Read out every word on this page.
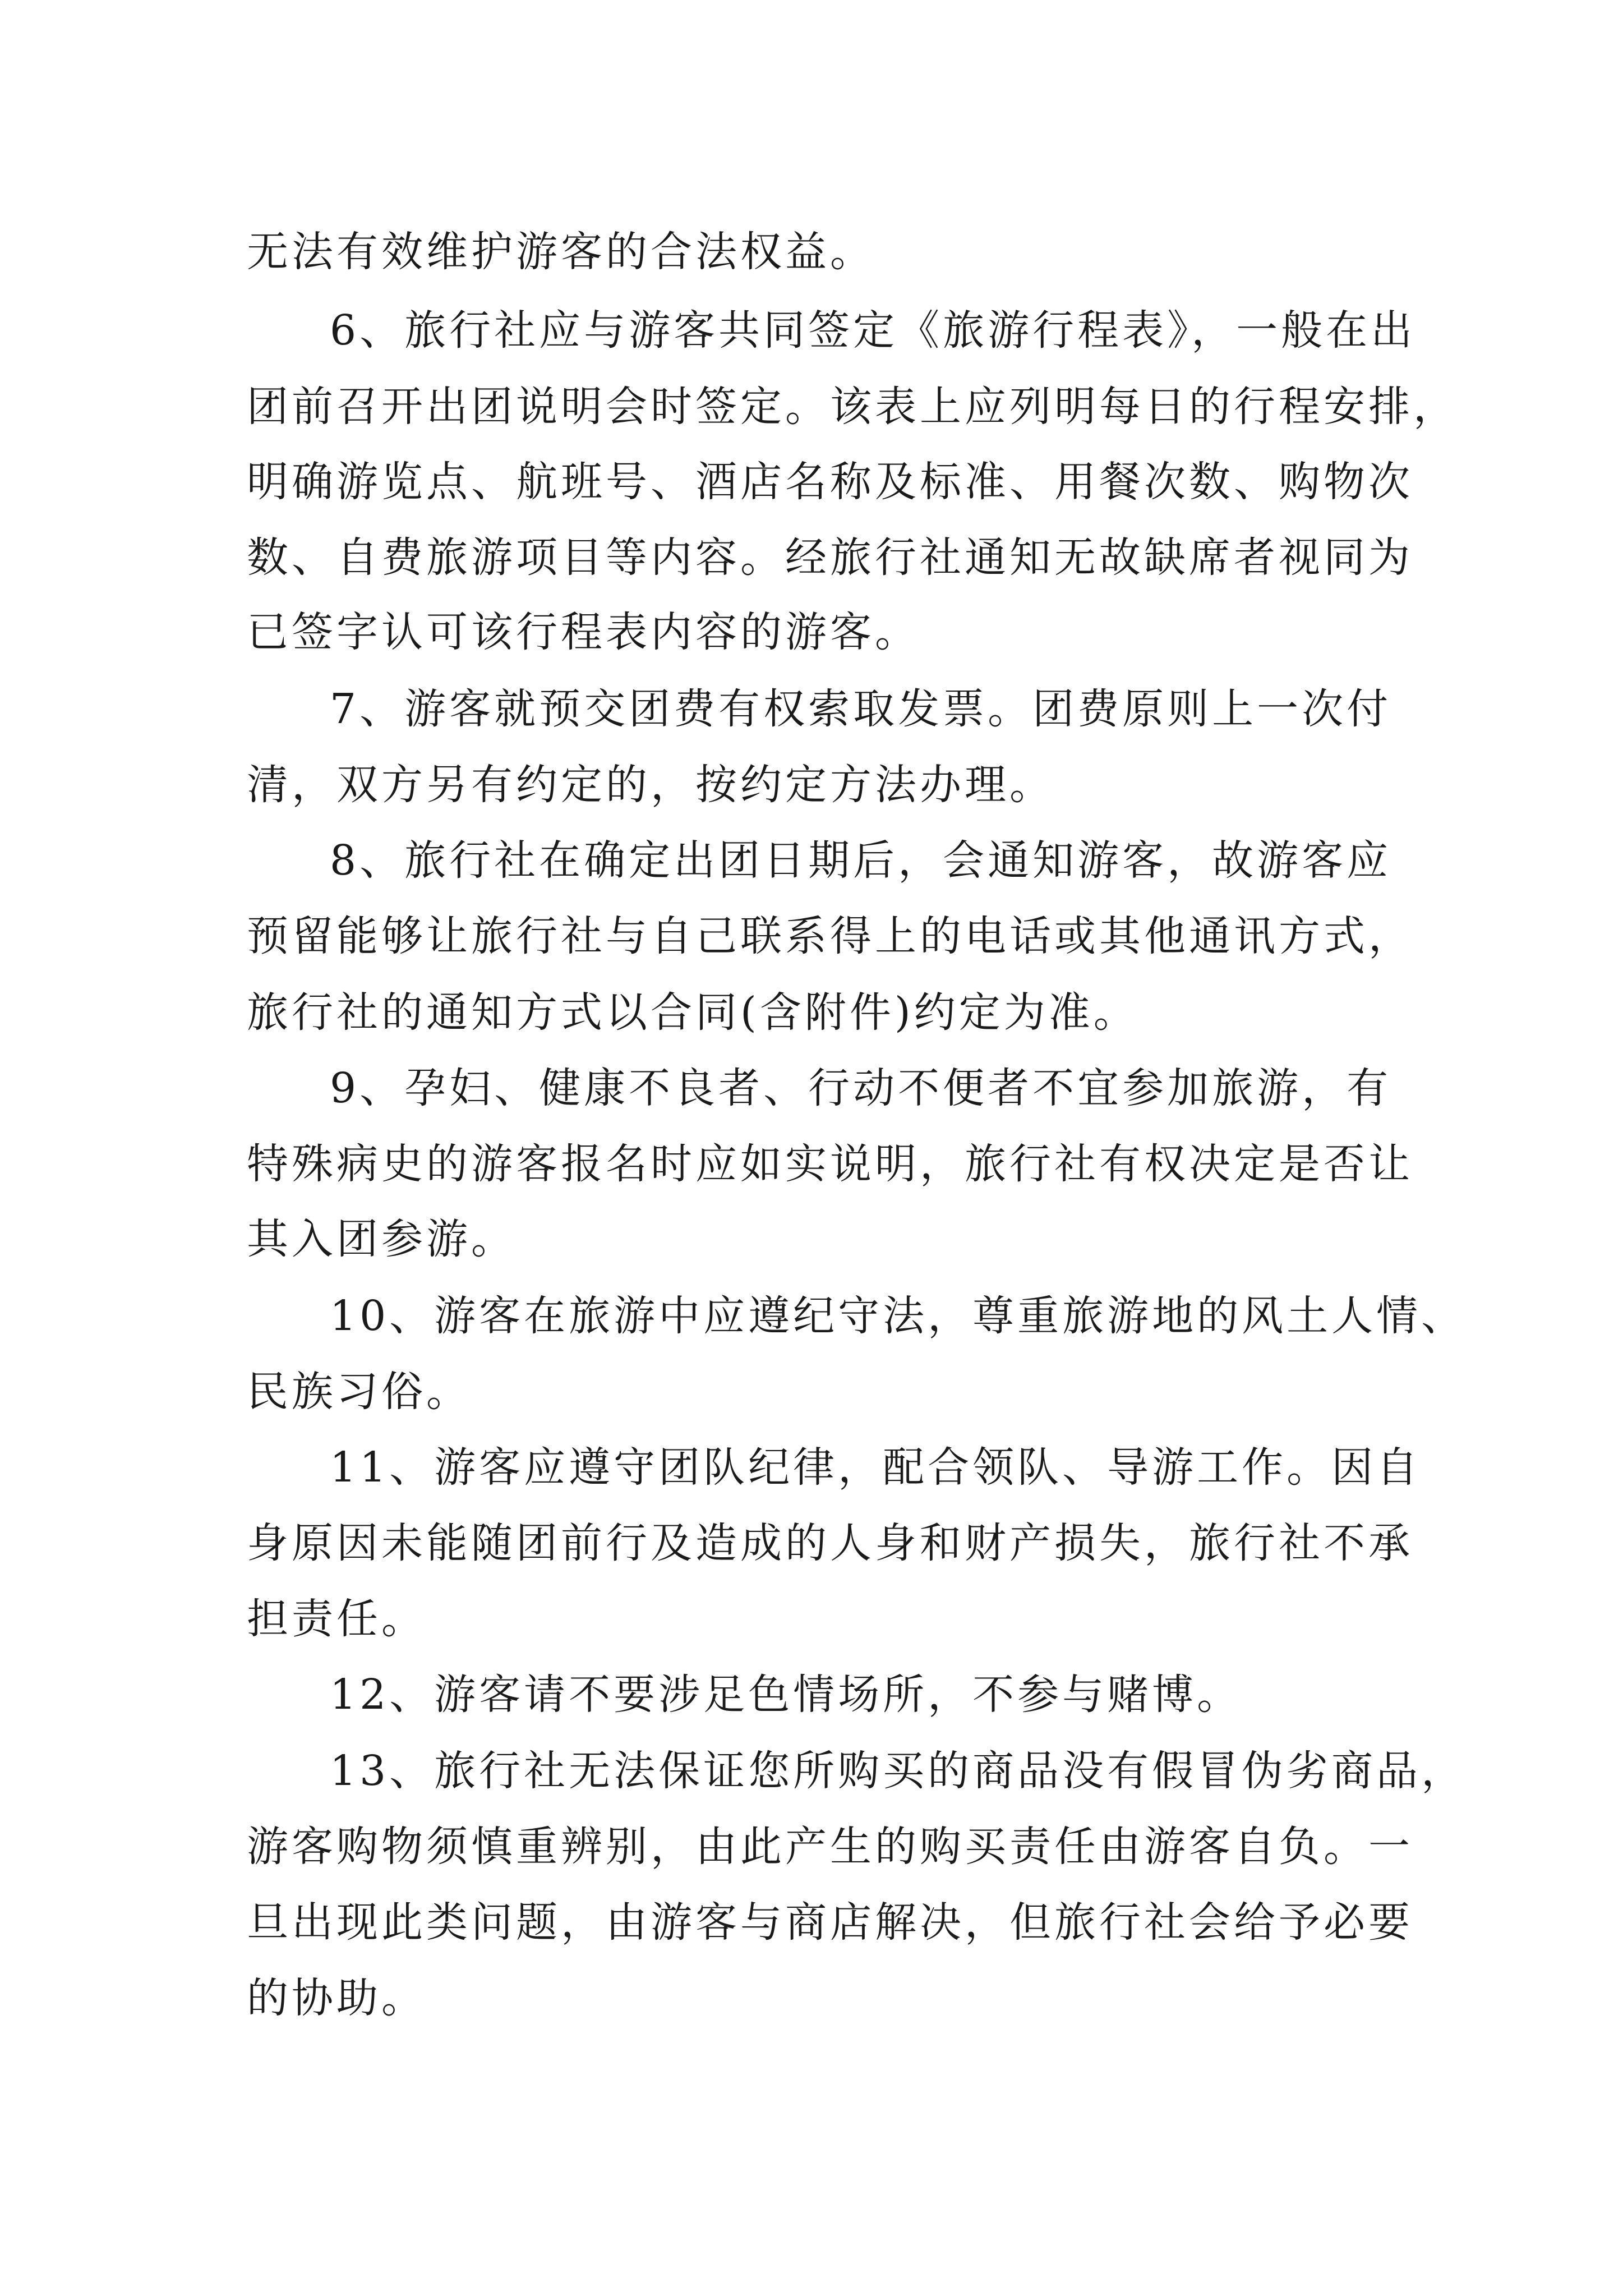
无法有效维护游客的合法权益。
6、旅行社应与游客共同签定《旅游行程表》，一般在出
团前召开出团说明会时签定。该表上应列明每日的行程安排，
明确游览点、航班号、酒店名称及标准、用餐次数、购物次
数、自费旅游项目等内容。经旅行社通知无故缺席者视同为
已签字认可该行程表内容的游客。
7、游客就预交团费有权索取发票。团费原则上一次付
清，双方另有约定的，按约定方法办理。
8、旅行社在确定出团日期后，会通知游客，故游客应
预留能够让旅行社与自己联系得上的电话或其他通讯方式，
旅行社的通知方式以合同(含附件)约定为准。
9、孕妇、健康不良者、行动不便者不宜参加旅游，有
特殊病史的游客报名时应如实说明，旅行社有权决定是否让
其入团参游。
10、游客在旅游中应遵纪守法，尊重旅游地的风土人情、
民族习俗。
11、游客应遵守团队纪律，配合领队、导游工作。因自
身原因未能随团前行及造成的人身和财产损失，旅行社不承
担责任。
12、游客请不要涉足色情场所，不参与赌博。
13、旅行社无法保证您所购买的商品没有假冒伪劣商品，
游客购物须慎重辨别，由此产生的购买责任由游客自负。一
旦出现此类问题，由游客与商店解决，但旅行社会给予必要
的协助。
